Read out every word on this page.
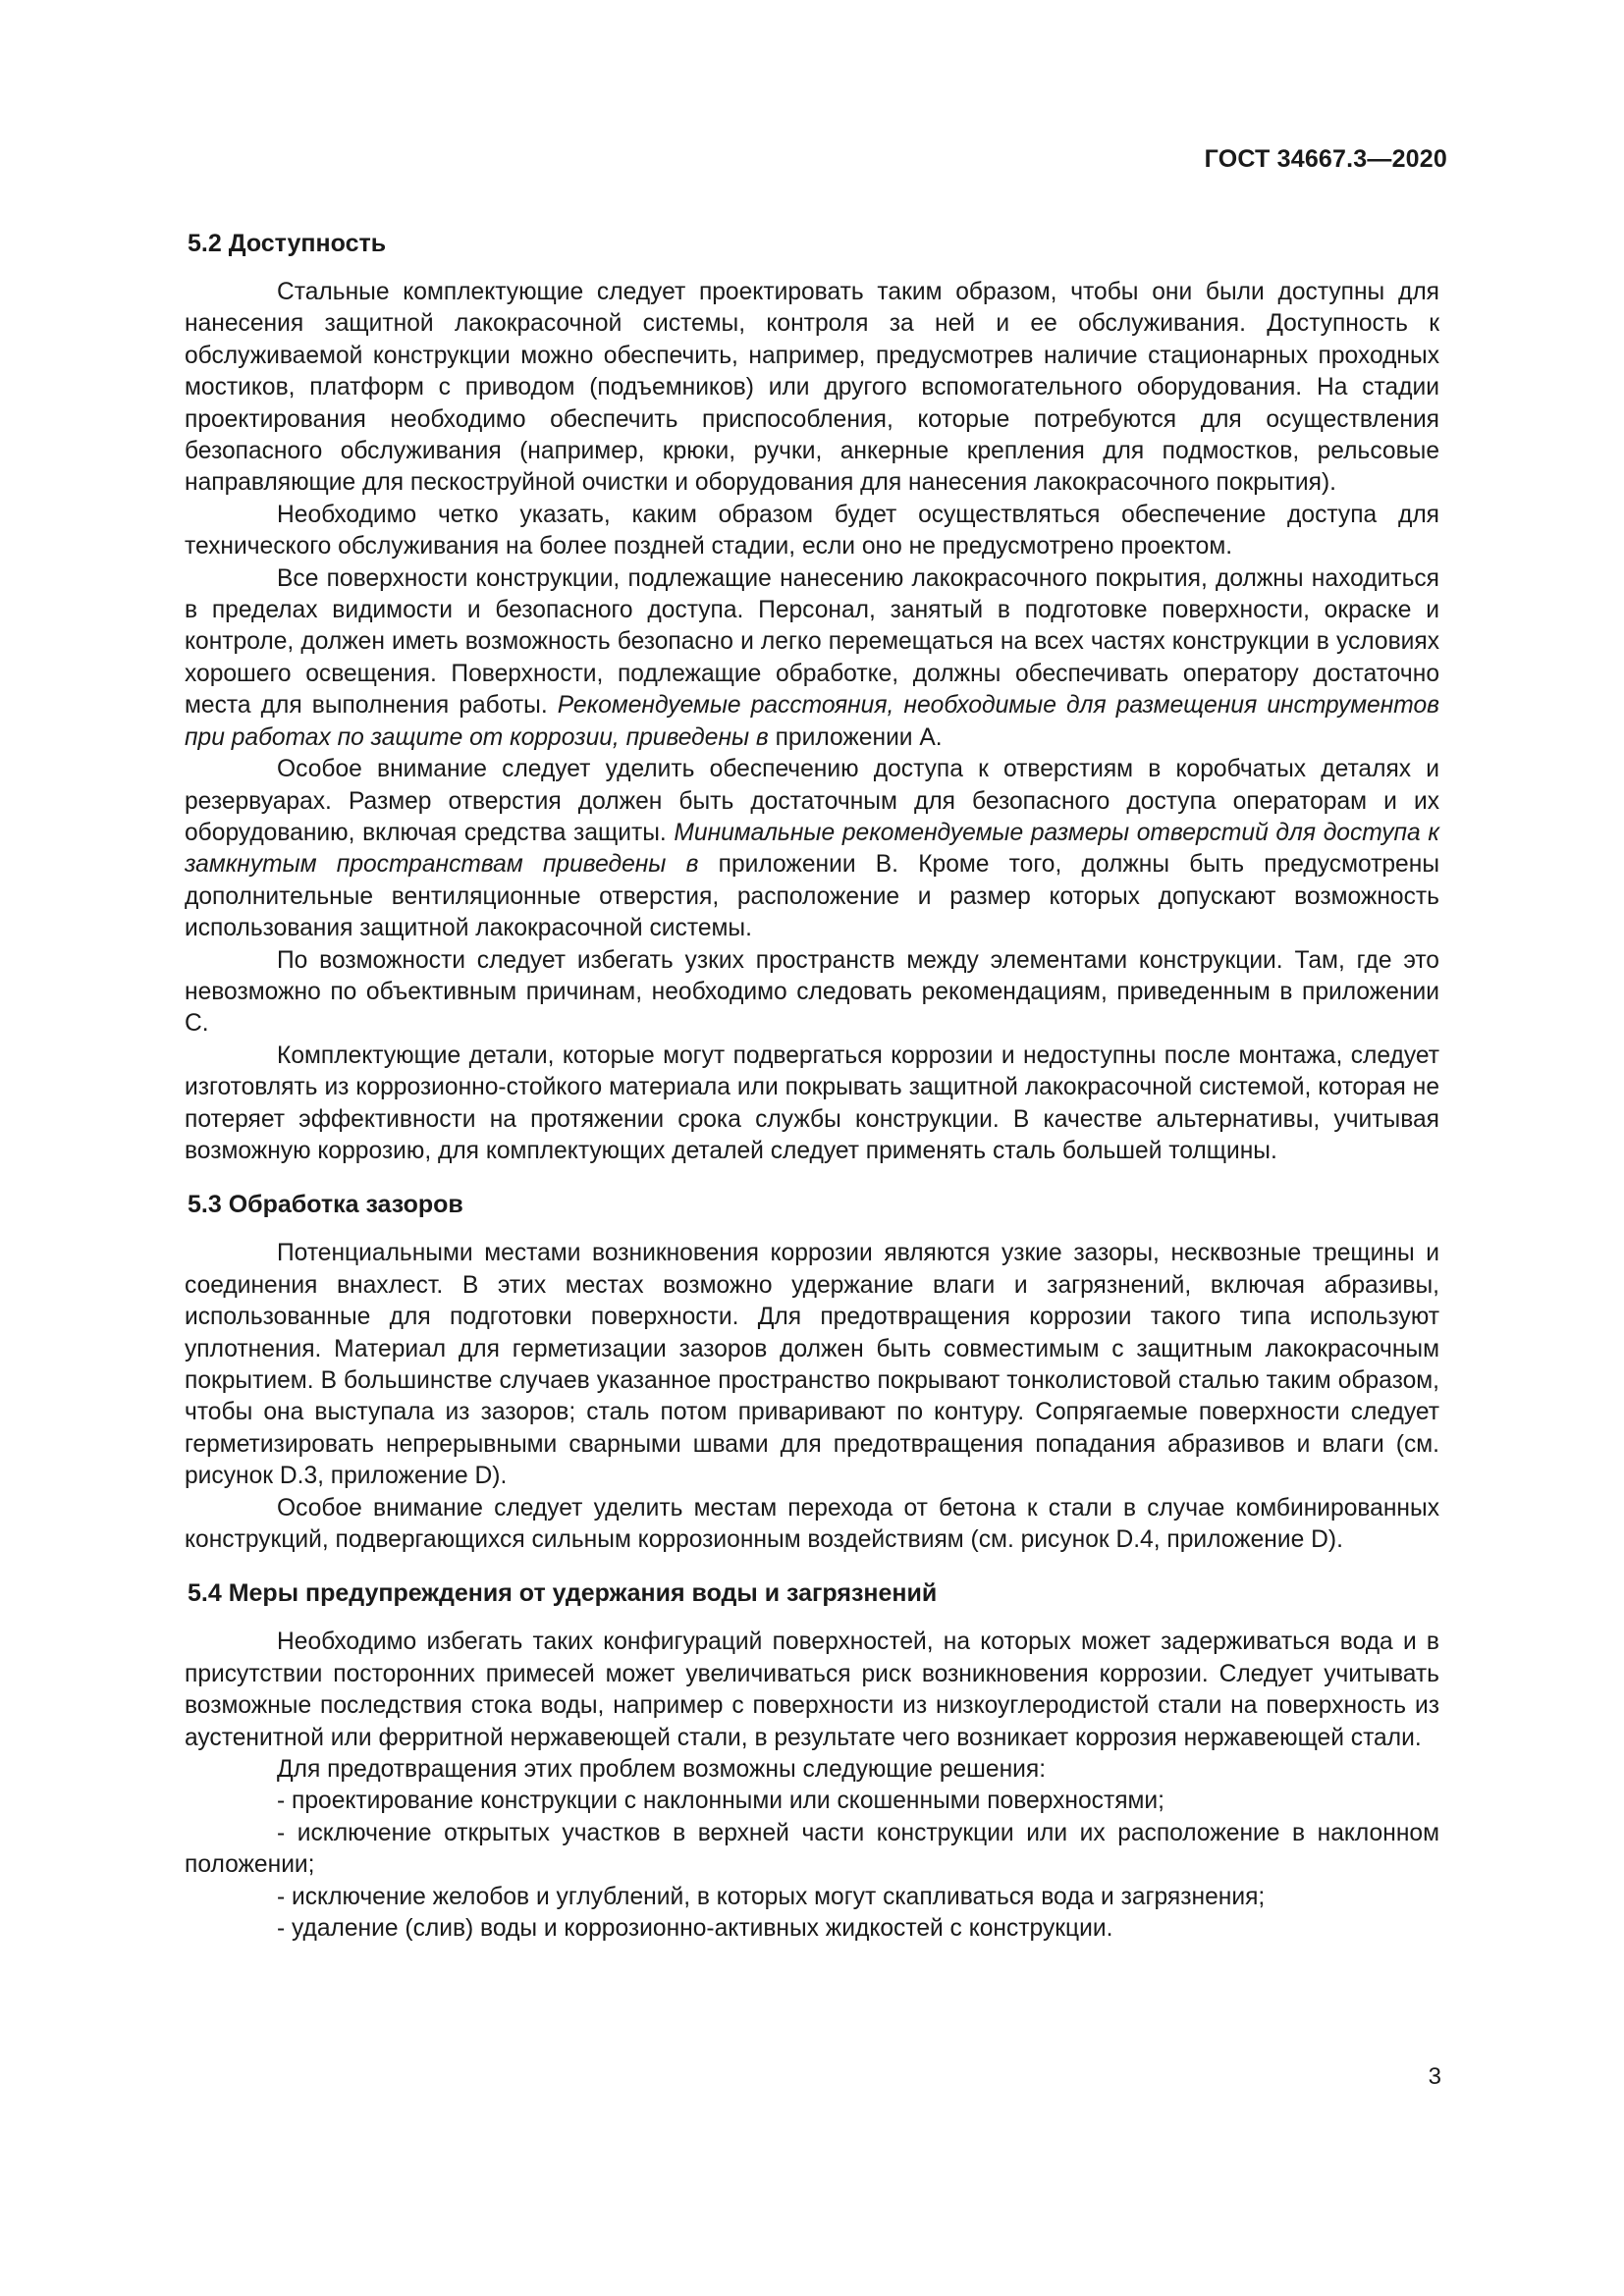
ГОСТ 34667.3—2020
5.2 Доступность

Стальные комплектующие следует проектировать таким образом, чтобы они были доступны для нанесения защитной лакокрасочной системы, контроля за ней и ее обслуживания. Доступность к обслуживаемой конструкции можно обеспечить, например, предусмотрев наличие стационарных проходных мостиков, платформ с приводом (подъемников) или другого вспомогательного оборудования. На стадии проектирования необходимо обеспечить приспособления, которые потребуются для осуществления безопасного обслуживания (например, крюки, ручки, анкерные крепления для подмостков, рельсовые направляющие для пескоструйной очистки и оборудования для нанесения лакокрасочного покрытия).

Необходимо четко указать, каким образом будет осуществляться обеспечение доступа для технического обслуживания на более поздней стадии, если оно не предусмотрено проектом.

Все поверхности конструкции, подлежащие нанесению лакокрасочного покрытия, должны находиться в пределах видимости и безопасного доступа. Персонал, занятый в подготовке поверхности, окраске и контроле, должен иметь возможность безопасно и легко перемещаться на всех частях конструкции в условиях хорошего освещения. Поверхности, подлежащие обработке, должны обеспечивать оператору достаточно места для выполнения работы. Рекомендуемые расстояния, необходимые для размещения инструментов при работах по защите от коррозии, приведены в приложении А.

Особое внимание следует уделить обеспечению доступа к отверстиям в коробчатых деталях и резервуарах. Размер отверстия должен быть достаточным для безопасного доступа операторам и их оборудованию, включая средства защиты. Минимальные рекомендуемые размеры отверстий для доступа к замкнутым пространствам приведены в приложении В. Кроме того, должны быть предусмотрены дополнительные вентиляционные отверстия, расположение и размер которых допускают возможность использования защитной лакокрасочной системы.

По возможности следует избегать узких пространств между элементами конструкции. Там, где это невозможно по объективным причинам, необходимо следовать рекомендациям, приведенным в приложении С.

Комплектующие детали, которые могут подвергаться коррозии и недоступны после монтажа, следует изготовлять из коррозионно-стойкого материала или покрывать защитной лакокрасочной системой, которая не потеряет эффективности на протяжении срока службы конструкции. В качестве альтернативы, учитывая возможную коррозию, для комплектующих деталей следует применять сталь большей толщины.

5.3 Обработка зазоров

Потенциальными местами возникновения коррозии являются узкие зазоры, несквозные трещины и соединения внахлест. В этих местах возможно удержание влаги и загрязнений, включая абразивы, использованные для подготовки поверхности. Для предотвращения коррозии такого типа используют уплотнения. Материал для герметизации зазоров должен быть совместимым с защитным лакокрасочным покрытием. В большинстве случаев указанное пространство покрывают тонколистовой сталью таким образом, чтобы она выступала из зазоров; сталь потом приваривают по контуру. Сопрягаемые поверхности следует герметизировать непрерывными сварными швами для предотвращения попадания абразивов и влаги (см. рисунок D.3, приложение D).

Особое внимание следует уделить местам перехода от бетона к стали в случае комбинированных конструкций, подвергающихся сильным коррозионным воздействиям (см. рисунок D.4, приложение D).

5.4 Меры предупреждения от удержания воды и загрязнений

Необходимо избегать таких конфигураций поверхностей, на которых может задерживаться вода и в присутствии посторонних примесей может увеличиваться риск возникновения коррозии. Следует учитывать возможные последствия стока воды, например с поверхности из низкоуглеродистой стали на поверхность из аустенитной или ферритной нержавеющей стали, в результате чего возникает коррозия нержавеющей стали.

Для предотвращения этих проблем возможны следующие решения:

- проектирование конструкции с наклонными или скошенными поверхностями;

- исключение открытых участков в верхней части конструкции или их расположение в наклонном положении;

- исключение желобов и углублений, в которых могут скапливаться вода и загрязнения;

- удаление (слив) воды и коррозионно-активных жидкостей с конструкции.

3
